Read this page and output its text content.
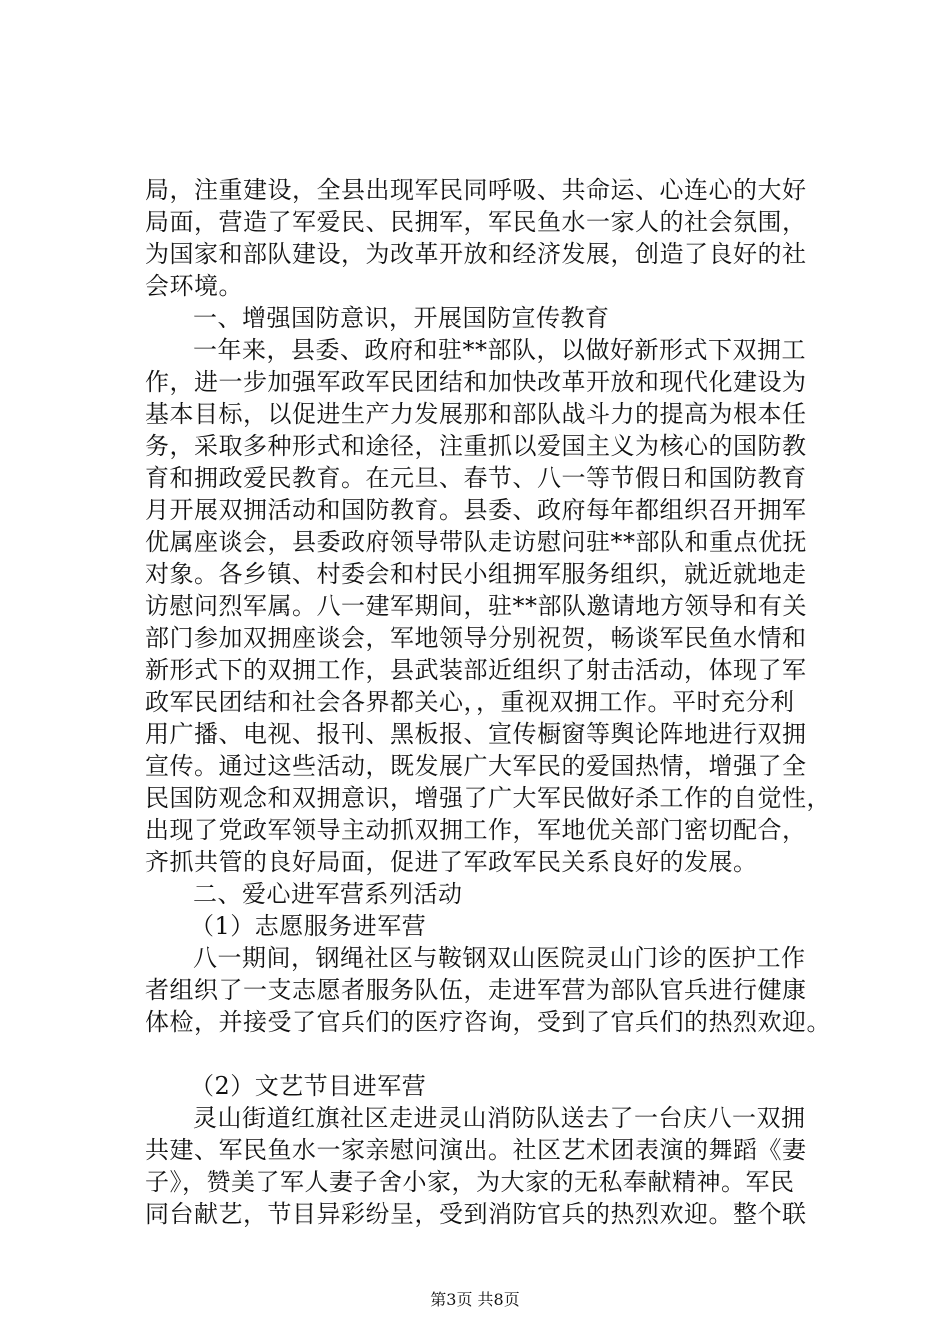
局，注重建设，全县出现军民同呼吸、共命运、心连心的大好

局面，营造了军爱民、民拥军，军民鱼水一家人的社会氛围，

为国家和部队建设，为改革开放和经济发展，创造了良好的社

会环境。

一、增强国防意识，开展国防宣传教育

一年来，县委、政府和驻**部队，以做好新形式下双拥工

作，进一步加强军政军民团结和加快改革开放和现代化建设为

基本目标，以促进生产力发展那和部队战斗力的提高为根本任

务，采取多种形式和途径，注重抓以爱国主义为核心的国防教

育和拥政爱民教育。在元旦、春节、八一等节假日和国防教育

月开展双拥活动和国防教育。县委、政府每年都组织召开拥军

优属座谈会，县委政府领导带队走访慰问驻**部队和重点优抚

对象。各乡镇、村委会和村民小组拥军服务组织，就近就地走

访慰问烈军属。八一建军期间，驻**部队邀请地方领导和有关

部门参加双拥座谈会，军地领导分别祝贺，畅谈军民鱼水情和

新形式下的双拥工作，县武装部近组织了射击活动，体现了军

政军民团结和社会各界都关心，，重视双拥工作。平时充分利

用广播、电视、报刊、黑板报、宣传橱窗等舆论阵地进行双拥

宣传。通过这些活动，既发展广大军民的爱国热情，增强了全

民国防观念和双拥意识，增强了广大军民做好杀工作的自觉性，

出现了党政军领导主动抓双拥工作，军地优关部门密切配合，

齐抓共管的良好局面，促进了军政军民关系良好的发展。

二、爱心进军营系列活动

（1）志愿服务进军营

八一期间，钢绳社区与鞍钢双山医院灵山门诊的医护工作

者组织了一支志愿者服务队伍，走进军营为部队官兵进行健康

体检，并接受了官兵们的医疗咨询，受到了官兵们的热烈欢迎。

（2）文艺节目进军营

灵山街道红旗社区走进灵山消防队送去了一台庆八一双拥

共建、军民鱼水一家亲慰问演出。社区艺术团表演的舞蹈《妻

子》，赞美了军人妻子舍小家，为大家的无私奉献精神。军民

同台献艺，节目异彩纷呈，受到消防官兵的热烈欢迎。整个联

第3页 共8页
